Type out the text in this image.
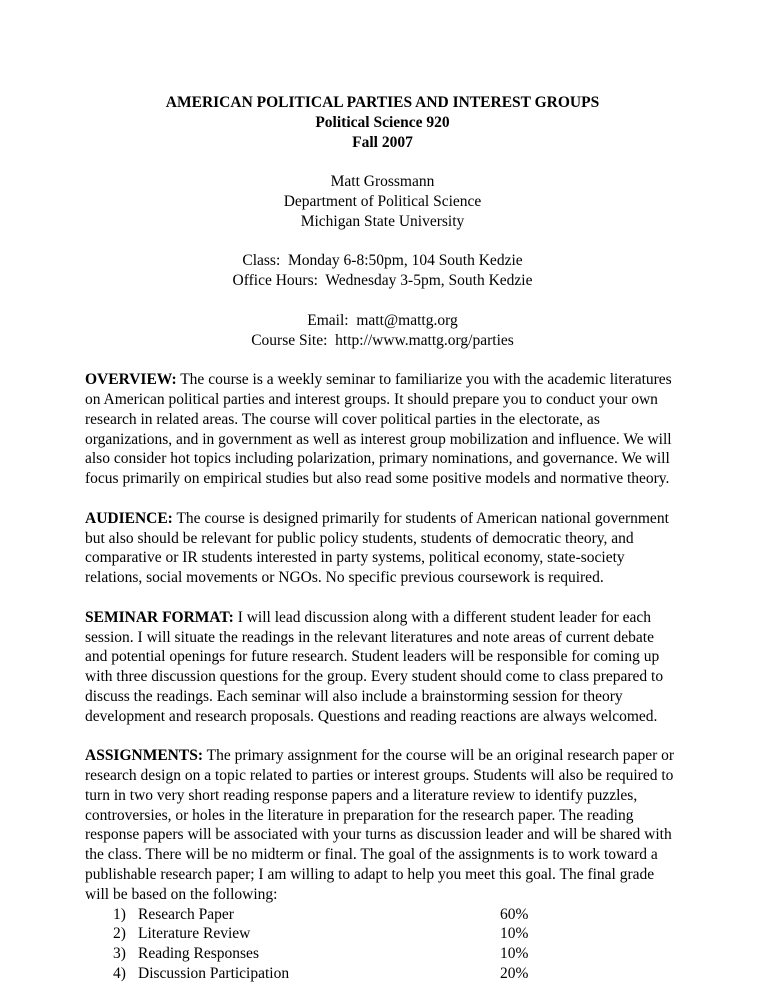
AMERICAN POLITICAL PARTIES AND INTEREST GROUPS
Political Science 920
Fall 2007
Matt Grossmann
Department of Political Science
Michigan State University
Class:  Monday 6-8:50pm, 104 South Kedzie
Office Hours:  Wednesday 3-5pm, South Kedzie
Email:  matt@mattg.org
Course Site:  http://www.mattg.org/parties

OVERVIEW: The course is a weekly seminar to familiarize you with the academic literatures on American political parties and interest groups. It should prepare you to conduct your own research in related areas. The course will cover political parties in the electorate, as organizations, and in government as well as interest group mobilization and influence. We will also consider hot topics including polarization, primary nominations, and governance. We will focus primarily on empirical studies but also read some positive models and normative theory.

AUDIENCE: The course is designed primarily for students of American national government but also should be relevant for public policy students, students of democratic theory, and comparative or IR students interested in party systems, political economy, state-society relations, social movements or NGOs. No specific previous coursework is required.

SEMINAR FORMAT: I will lead discussion along with a different student leader for each session. I will situate the readings in the relevant literatures and note areas of current debate and potential openings for future research. Student leaders will be responsible for coming up with three discussion questions for the group. Every student should come to class prepared to discuss the readings. Each seminar will also include a brainstorming session for theory development and research proposals. Questions and reading reactions are always welcomed.

ASSIGNMENTS: The primary assignment for the course will be an original research paper or research design on a topic related to parties or interest groups. Students will also be required to turn in two very short reading response papers and a literature review to identify puzzles, controversies, or holes in the literature in preparation for the research paper. The reading response papers will be associated with your turns as discussion leader and will be shared with the class. There will be no midterm or final. The goal of the assignments is to work toward a publishable research paper; I am willing to adapt to help you meet this goal. The final grade will be based on the following:

1) Research Paper	60%
2) Literature Review	10%
3) Reading Responses	10%
4) Discussion Participation	20%
